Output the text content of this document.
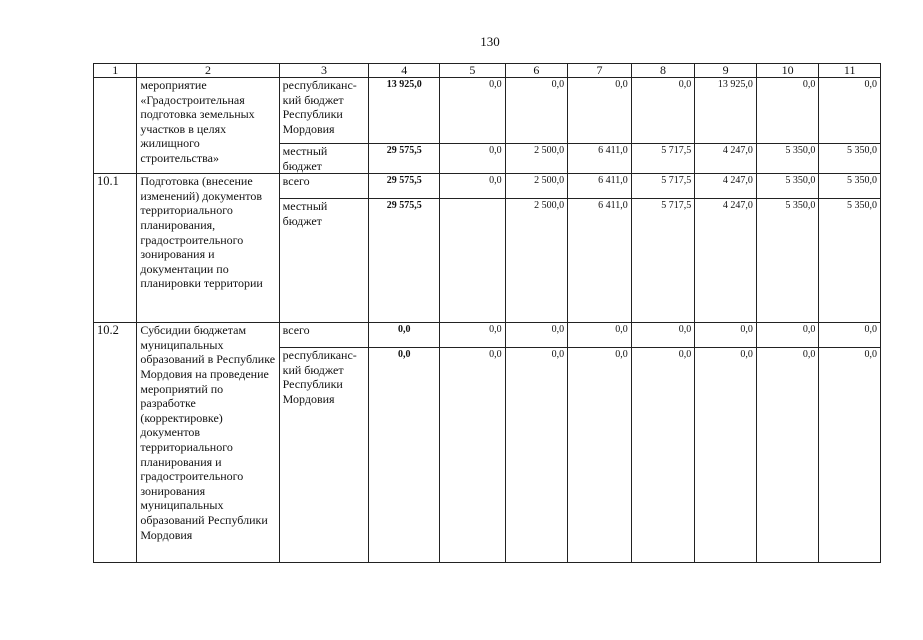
130
1	2	3	4	5	6	7	8	9	10	11
	мероприятие «Градостроительная подготовка земельных участков в целях жилищного строительства»	республиканс-кий бюджет Республики Мордовия	13 925,0	0,0	0,0	0,0	0,0	13 925,0	0,0	0,0
		местный бюджет	29 575,5	0,0	2 500,0	6 411,0	5 717,5	4 247,0	5 350,0	5 350,0
10.1	Подготовка (внесение изменений) документов территориального планирования, градостроительного зонирования и документации по планировки территории	всего	29 575,5	0,0	2 500,0	6 411,0	5 717,5	4 247,0	5 350,0	5 350,0
		местный бюджет	29 575,5		2 500,0	6 411,0	5 717,5	4 247,0	5 350,0	5 350,0
10.2	Субсидии бюджетам муниципальных образований в Республике Мордовия на проведение мероприятий по разработке (корректировке) документов территориального планирования и градостроительного зонирования муниципальных образований Республики Мордовия	всего	0,0	0,0	0,0	0,0	0,0	0,0	0,0	0,0
		республиканс-кий бюджет Республики Мордовия	0,0	0,0	0,0	0,0	0,0	0,0	0,0	0,0
